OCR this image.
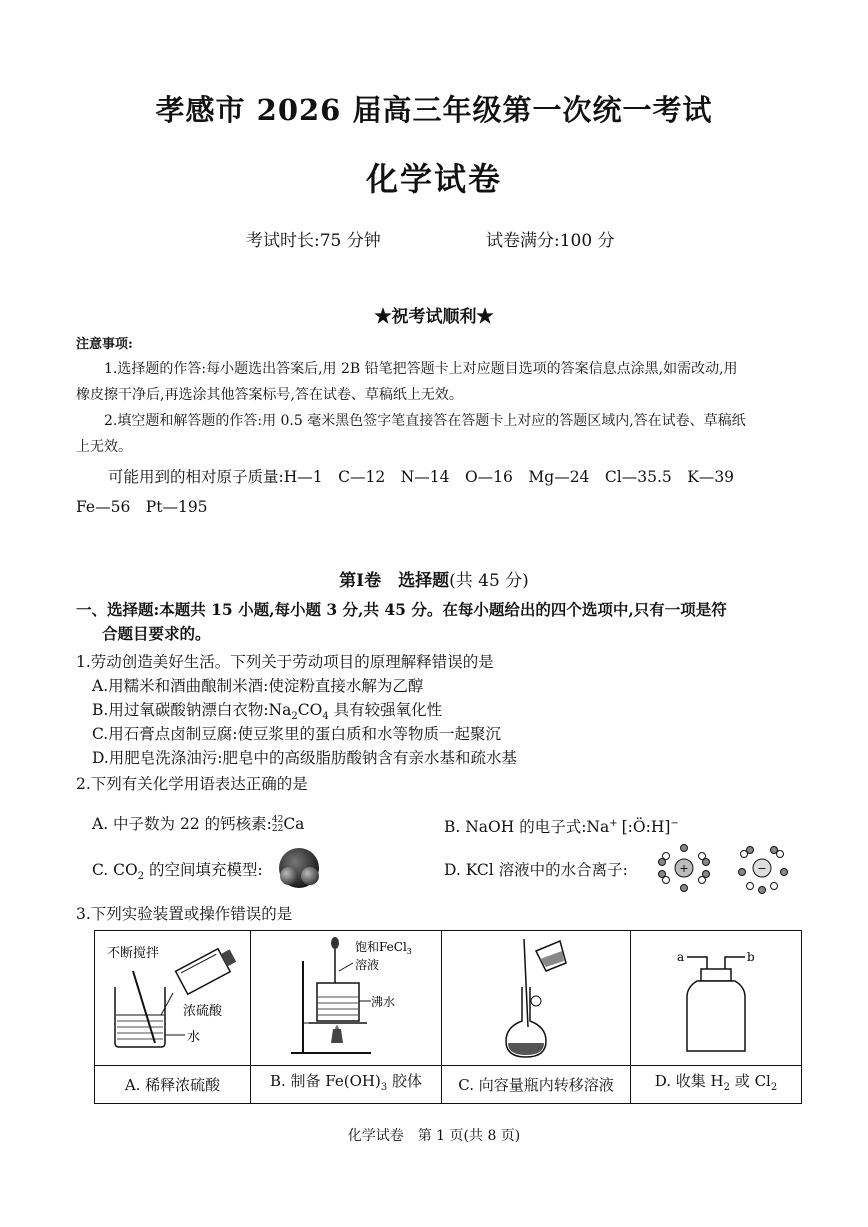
孝感市 2026 届高三年级第一次统一考试
化学试卷
考试时长:75 分钟	试卷满分:100 分
★祝考试顺利★
注意事项:
1.选择题的作答:每小题选出答案后,用 2B 铅笔把答题卡上对应题目选项的答案信息点涂黑,如需改动,用
橡皮擦干净后,再选涂其他答案标号,答在试卷、草稿纸上无效。
2.填空题和解答题的作答:用 0.5 毫米黑色签字笔直接答在答题卡上对应的答题区域内,答在试卷、草稿纸
上无效。
可能用到的相对原子质量:H—1　C—12　N—14　O—16　Mg—24　Cl—35.5　K—39
Fe—56　Pt—195
第Ⅰ卷　选择题(共 45 分)
一、选择题:本题共 15 小题,每小题 3 分,共 45 分。在每小题给出的四个选项中,只有一项是符
合题目要求的。
1.劳动创造美好生活。下列关于劳动项目的原理解释错误的是
A.用糯米和酒曲酿制米酒:使淀粉直接水解为乙醇
B.用过氧碳酸钠漂白衣物$:Na_2CO_4$ 具有较强氧化性
C.用石膏点卤制豆腐:使豆浆里的蛋白质和水等物质一起聚沉
D.用肥皂洗涤油污:肥皂中的高级脂肪酸钠含有亲水基和疏水基
2.下列有关化学用语表达正确的是
A. 中子数为 22 的钙核素: 42
22 Ca	B. NaOH 的电子式:Na+ [:Ö:H]−
C. $CO_2$ 的空间填充模型:	D. KCl 溶液中的水合离子:	+	−
3.下列实验装置或操作错误的是
不断搅拌
浓硫酸
水	饱和FeCl$_3$
溶液
沸水		a b

A. 稀释浓硫酸	B. 制备 $Fe(OH)_3$ 胶体	C. 向容量瓶内转移溶液	D. 收集 $H_2$ 或 $Cl_2$
化学试卷　第 1 页(共 8 页)
